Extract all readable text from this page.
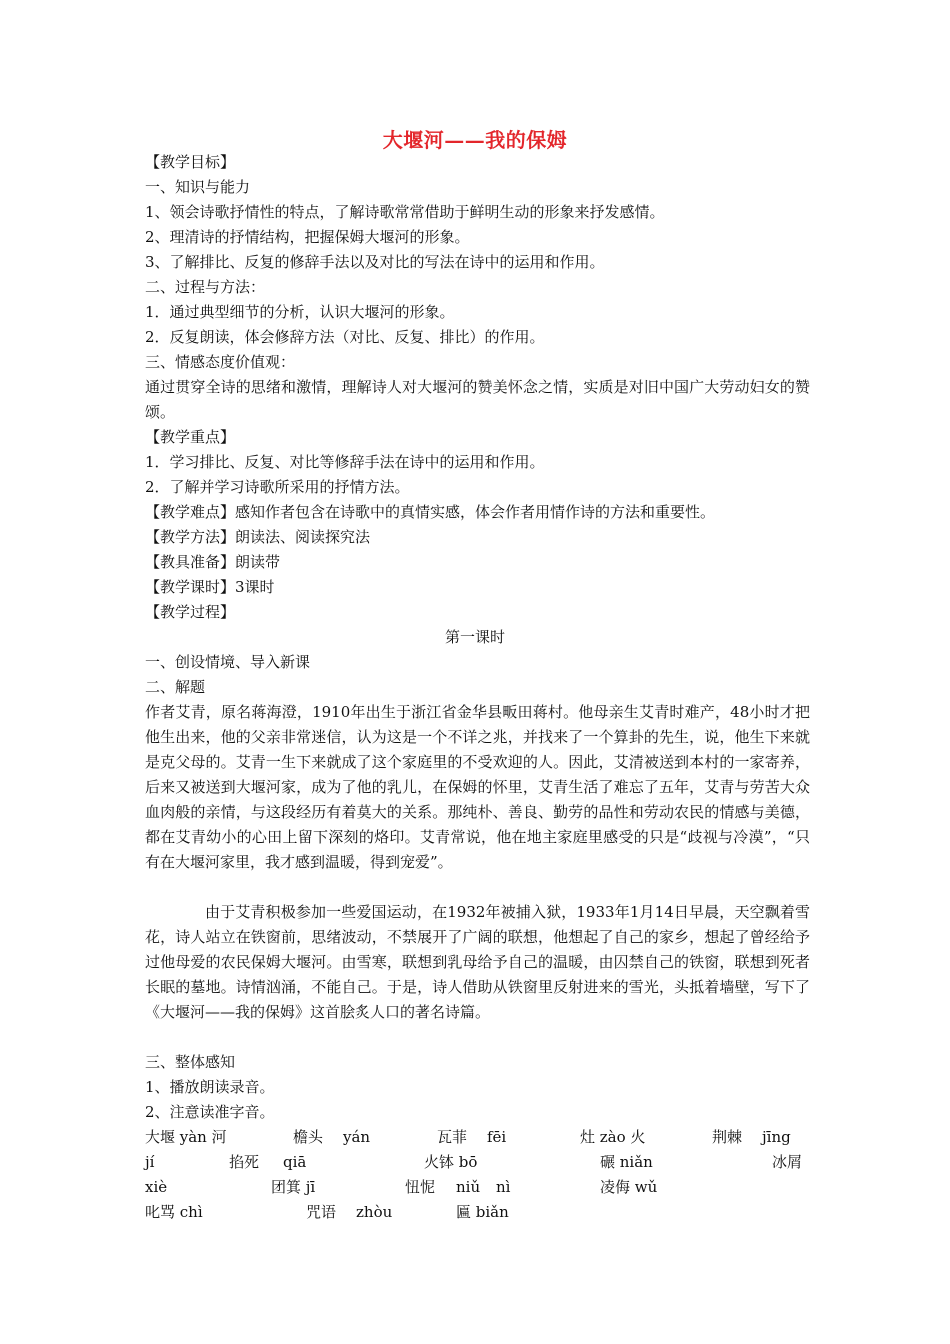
大堰河——我的保姆
【教学目标】
一、知识与能力
1、领会诗歌抒情性的特点，了解诗歌常常借助于鲜明生动的形象来抒发感情。
2、理清诗的抒情结构，把握保姆大堰河的形象。
3、了解排比、反复的修辞手法以及对比的写法在诗中的运用和作用。
二、过程与方法：
1．通过典型细节的分析，认识大堰河的形象。
2．反复朗读，体会修辞方法（对比、反复、排比）的作用。
三、情感态度价值观：
通过贯穿全诗的思绪和激情，理解诗人对大堰河的赞美怀念之情，实质是对旧中国广大劳动妇女的赞颂。
【教学重点】
1．学习排比、反复、对比等修辞手法在诗中的运用和作用。
2．了解并学习诗歌所采用的抒情方法。
【教学难点】感知作者包含在诗歌中的真情实感，体会作者用情作诗的方法和重要性。
【教学方法】朗读法、阅读探究法
【教具准备】朗读带
【教学课时】3课时
【教学过程】
第一课时
一、创设情境、导入新课
二、解题
作者艾青，原名蒋海澄，1910年出生于浙江省金华县畈田蒋村。他母亲生艾青时难产，48小时才把他生出来，他的父亲非常迷信，认为这是一个不详之兆，并找来了一个算卦的先生，说，他生下来就是克父母的。艾青一生下来就成了这个家庭里的不受欢迎的人。因此，艾清被送到本村的一家寄养，后来又被送到大堰河家，成为了他的乳儿，在保姆的怀里，艾青生活了难忘了五年，艾青与劳苦大众血肉般的亲情，与这段经历有着莫大的关系。那纯朴、善良、勤劳的品性和劳动农民的情感与美德，都在艾青幼小的心田上留下深刻的烙印。艾青常说，他在地主家庭里感受的只是“歧视与冷漠”，“只有在大堰河家里，我才感到温暖，得到宠爱”。
由于艾青积极参加一些爱国运动，在1932年被捕入狱，1933年1月14日早晨，天空飘着雪花，诗人站立在铁窗前，思绪波动，不禁展开了广阔的联想，他想起了自己的家乡，想起了曾经给予过他母爱的农民保姆大堰河。由雪寒，联想到乳母给予自己的温暖，由囚禁自己的铁窗，联想到死者长眠的墓地。诗情汹涌，不能自己。于是，诗人借助从铁窗里反射进来的雪光，头抵着墙壁，写下了《大堰河——我的保姆》这首脍炙人口的著名诗篇。
三、整体感知
1、播放朗读录音。
2、注意读准字音。
大堰 yàn 河	檐头 yán	瓦菲 fēi	灶 zào 火	荆棘 jīng
jí	掐死 qiā	火钵 bō	碾 niǎn	冰屑
xiè	团箕 jī	忸怩 niǔ nì	凌侮 wǔ
叱骂 chì	咒语 zhòu	匾 biǎn
